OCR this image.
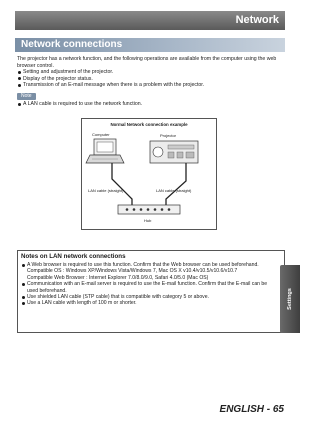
Network
Network connections

The projector has a network function, and the following operations are available from the computer using the web browser control.

Setting and adjustment of the projector.
Display of the projector status.
Transmission of an E-mail message when there is a problem with the projector.
Note
A LAN cable is required to use the network function.
Normal Network connection example
Computer	Projector
LAN cable (straight)	LAN cable (straight)
Hub
Notes on LAN network connections
A Web browser is required to use this function. Confirm that the Web browser can be used beforehand.
Compatible OS : Windows XP/Windows Vista/Windows 7, Mac OS X v10.4/v10.5/v10.6/v10.7
Compatible Web Browser : Internet Explorer 7.0/8.0/9.0, Safari 4.0/5.0 (Mac OS)
Communication with an E-mail server is required to use the E-mail function. Confirm that the E-mail can be
used beforehand.
Use shielded LAN cable (STP cable) that is compatible with category 5 or above.
Use a LAN cable with length of 100 m or shorter.	Settings
ENGLISH - 65
